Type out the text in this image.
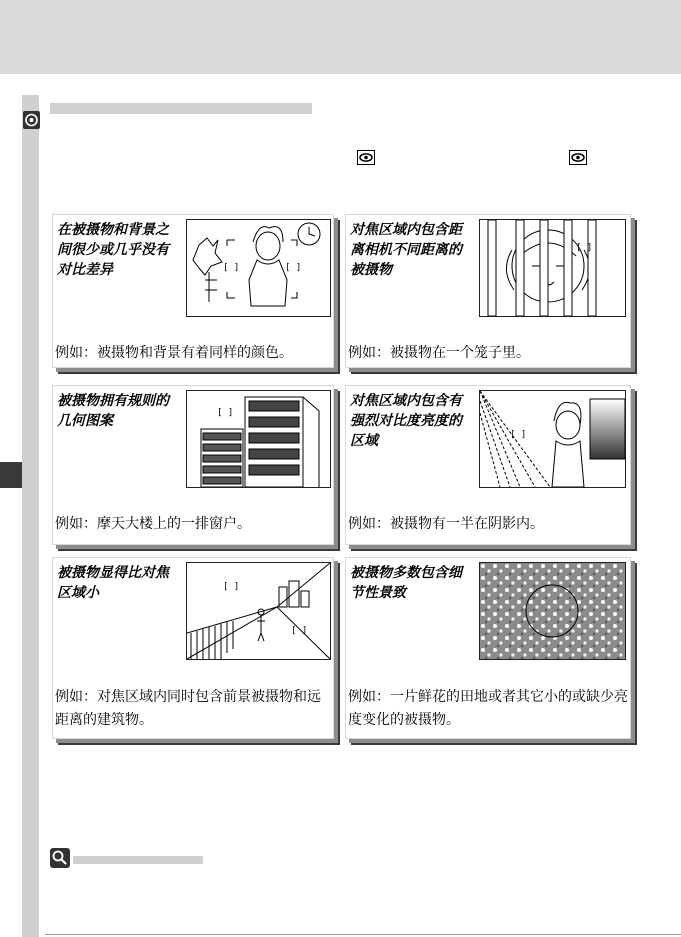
在被摄物和背景之间很少或几乎没有对比差异	[ ]	[ ]

例如：被摄物和背景有着同样的颜色。

对焦区域内包含距离相机不同距离的被摄物

[ ]

例如：被摄物在一个笼子里。

被摄物拥有规则的几何图案	[ ]

例如：摩天大楼上的一排窗户。

对焦区域内包含有强烈对比度亮度的区域	[ ]

例如：被摄物有一半在阴影内。

被摄物显得比对焦区域小	[ ]
[ ]

例如：对焦区域内同时包含前景被摄物和远距离的建筑物。

被摄物多数包含细节性景致

例如：一片鲜花的田地或者其它小的或缺少亮度变化的被摄物。
